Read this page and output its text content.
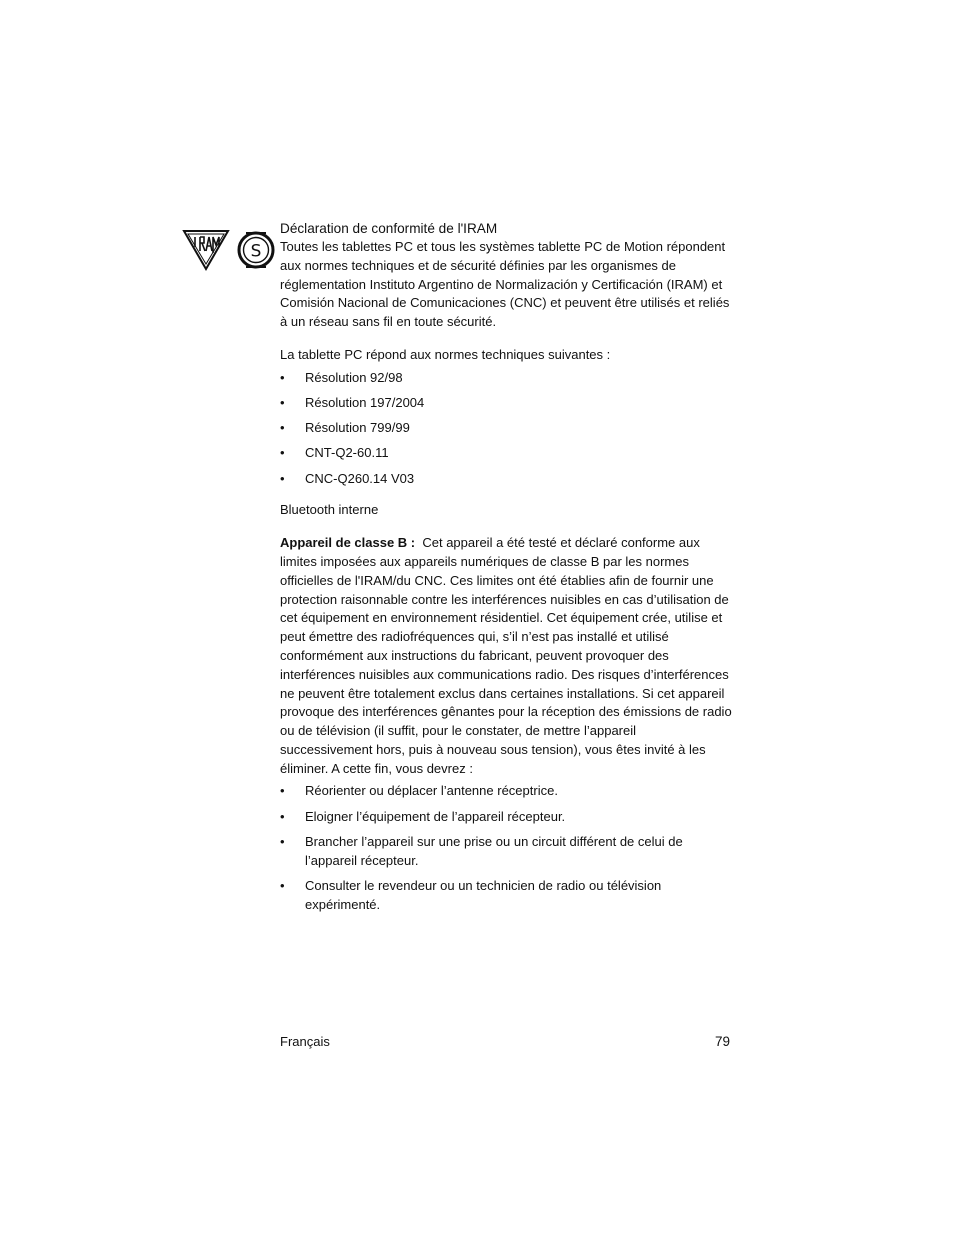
S

Déclaration de conformité de l'IRAM

Toutes les tablettes PC et tous les systèmes tablette PC de Motion répondent aux normes techniques et de sécurité définies par les organismes de réglementation Instituto Argentino de Normalización y Certificación (IRAM) et Comisión Nacional de Comunicaciones (CNC) et peuvent être utilisés et reliés à un réseau sans fil en toute sécurité.

La tablette PC répond aux normes techniques suivantes :

• Résolution 92/98
• Résolution 197/2004
• Résolution 799/99
• CNT-Q2-60.11
• CNC-Q260.14 V03

Bluetooth interne

Appareil de classe B : Cet appareil a été testé et déclaré conforme aux limites imposées aux appareils numériques de classe B par les normes officielles de l'IRAM/du CNC. Ces limites ont été établies afin de fournir une protection raisonnable contre les interférences nuisibles en cas d’utilisation de cet équipement en environnement résidentiel. Cet équipement crée, utilise et peut émettre des radiofréquences qui, s’il n’est pas installé et utilisé conformément aux instructions du fabricant, peuvent provoquer des interférences nuisibles aux communications radio. Des risques d’interférences ne peuvent être totalement exclus dans certaines installations. Si cet appareil provoque des interférences gênantes pour la réception des émissions de radio ou de télévision (il suffit, pour le constater, de mettre l’appareil successivement hors, puis à nouveau sous tension), vous êtes invité à les éliminer. A cette fin, vous devrez :

• Réorienter ou déplacer l’antenne réceptrice.
• Eloigner l’équipement de l’appareil récepteur.
• Brancher l’appareil sur une prise ou un circuit différent de celui de l’appareil récepteur.
• Consulter le revendeur ou un technicien de radio ou télévision expérimenté.
Français	79
